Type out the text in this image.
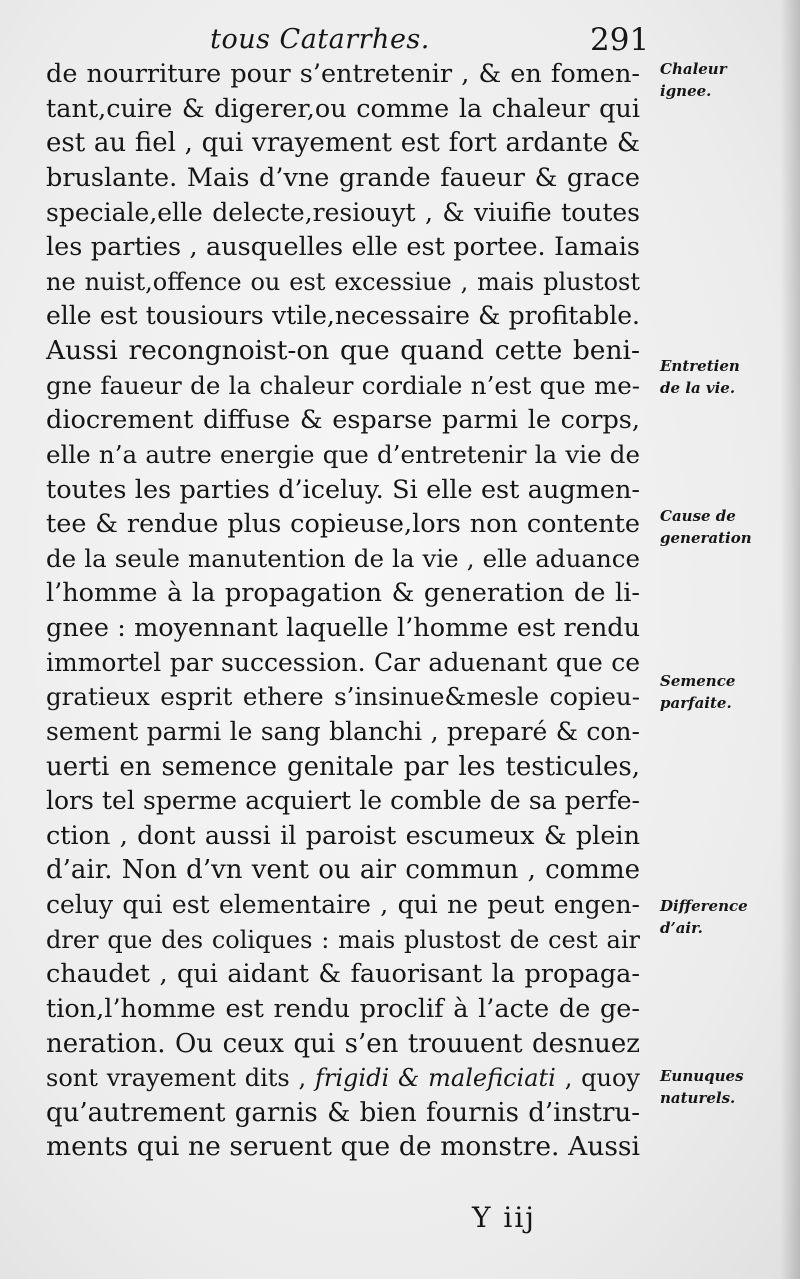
tous Catarrhes.	291
de nourriture pour s’entretenir , & en fomen-
tant,cuire & digerer,ou comme la chaleur qui
est au fiel , qui vrayement est fort ardante &
bruslante. Mais d’vne grande faueur & grace
speciale,elle delecte,resiouyt , & viuifie toutes
les parties , ausquelles elle est portee. Iamais
ne nuist,offence ou est excessiue , mais plustost
elle est tousiours vtile,necessaire & profitable.
Aussi recongnoist-on que quand cette beni-
gne faueur de la chaleur cordiale n’est que me-
diocrement diffuse & esparse parmi le corps,
elle n’a autre energie que d’entretenir la vie de
toutes les parties d’iceluy. Si elle est augmen-
tee & rendue plus copieuse,lors non contente
de la seule manutention de la vie , elle aduance
l’homme à la propagation & generation de li-
gnee : moyennant laquelle l’homme est rendu
immortel par succession. Car aduenant que ce
gratieux esprit ethere s’insinue&mesle copieu-
sement parmi le sang blanchi , preparé & con-
uerti en semence genitale par les testicules,
lors tel sperme acquiert le comble de sa perfe-
ction , dont aussi il paroist escumeux & plein
d’air. Non d’vn vent ou air commun , comme
celuy qui est elementaire , qui ne peut engen-
drer que des coliques : mais plustost de cest air
chaudet , qui aidant & fauorisant la propaga-
tion,l’homme est rendu proclif à l’acte de ge-
neration. Ou ceux qui s’en trouuent desnuez
sont vrayement dits , frigidi & maleficiati , quoy
qu’autrement garnis & bien fournis d’instru-
ments qui ne seruent que de monstre. Aussi
Chaleur
ignee.
Entretien
de la vie.
Cause de
generation
Semence
parfaite.
Difference
d’air.
Eunuques
naturels.
Y iij
